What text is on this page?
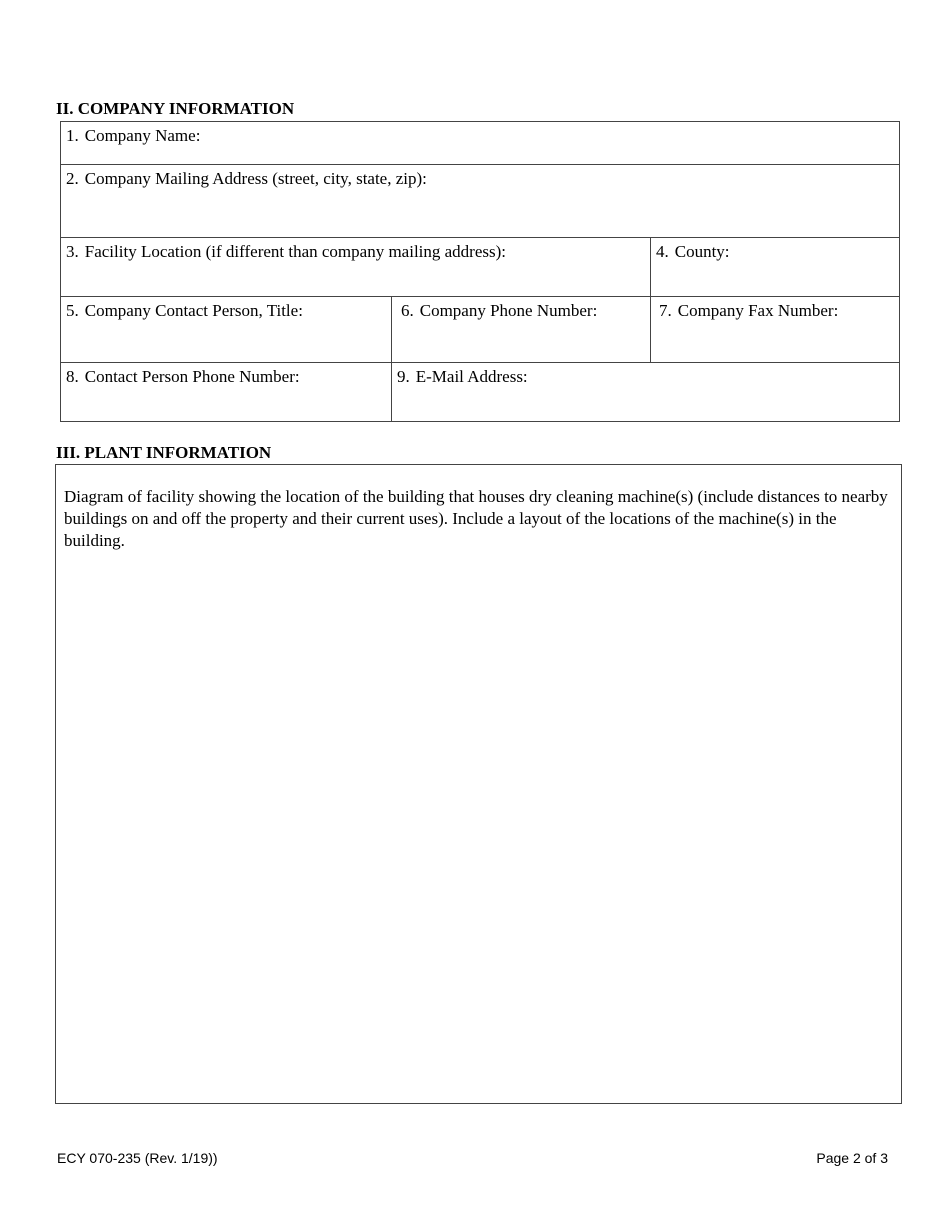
II. COMPANY INFORMATION
1. Company Name:		
2. Company Mailing Address (street, city, state, zip):		
3. Facility Location (if different than company mailing address):		4. County:
5. Company Contact Person, Title:	6. Company Phone Number:	7. Company Fax Number:
8. Contact Person Phone Number:	9. E-Mail Address:	
III. PLANT INFORMATION
Diagram of facility showing the location of the building that houses dry cleaning machine(s) (include distances to nearby buildings on and off the property and their current uses). Include a layout of the locations of the machine(s) in the building.
ECY 070-235 (Rev. 1/19))	Page 2 of 3
